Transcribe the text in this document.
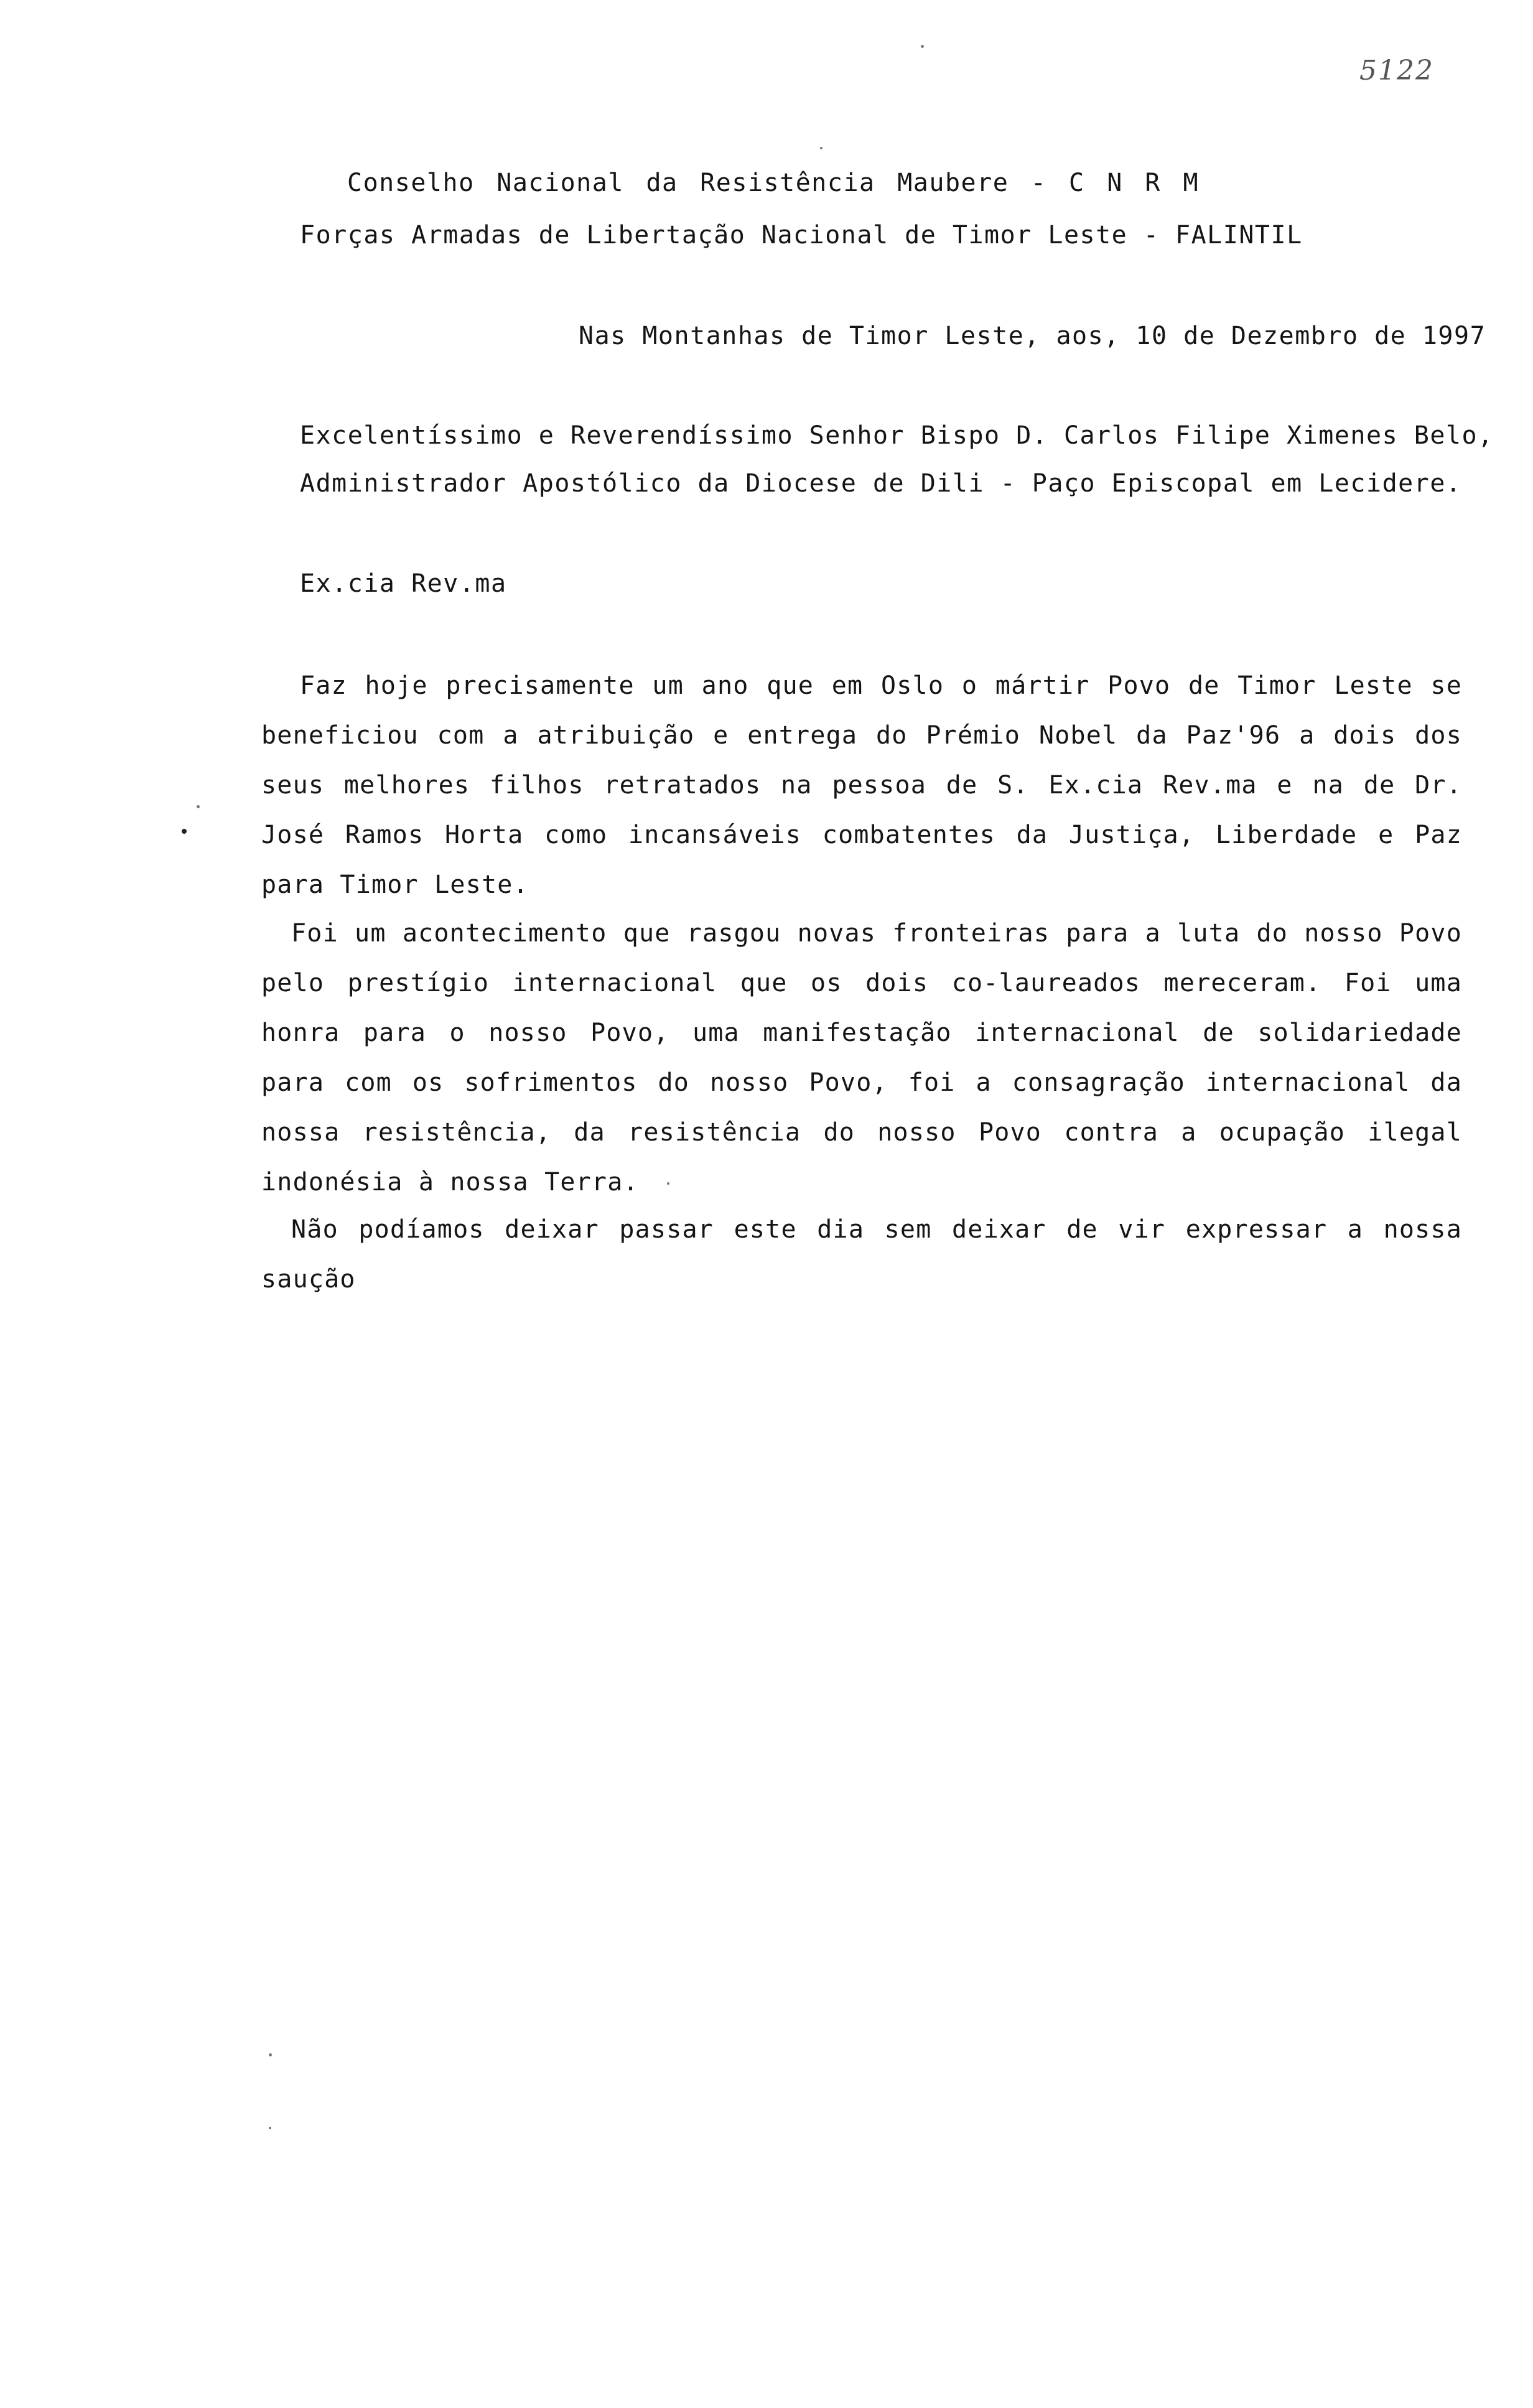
5122
Conselho Nacional da Resistência Maubere - C N R M
Forças Armadas de Libertação Nacional de Timor Leste - FALINTIL
Nas Montanhas de Timor Leste, aos, 10 de Dezembro de 1997
Excelentíssimo e Reverendíssimo Senhor Bispo D. Carlos Filipe Ximenes Belo,
Administrador Apostólico da Diocese de Dili - Paço Episcopal em Lecidere.
Ex.cia Rev.ma

Faz hoje precisamente um ano que em Oslo o mártir Povo de Timor Leste se beneficiou com a atribuição e entrega do Prémio Nobel da Paz'96 a dois dos seus melhores filhos retratados na pessoa de S. Ex.cia Rev.ma e na de Dr. José Ramos Horta como incansáveis combatentes da Justiça, Liberdade e Paz para Timor Leste.

Foi um acontecimento que rasgou novas fronteiras para a luta do nosso Povo pelo prestígio internacional que os dois co-laureados mereceram. Foi uma honra para o nosso Povo, uma manifestação internacional de solidariedade para com os sofrimentos do nosso Povo, foi a consagração internacional da nossa resistência, da resistência do nosso Povo contra a ocupação ilegal indonésia à nossa Terra.

Não podíamos deixar passar este dia sem deixar de vir expressar a nossa saução
